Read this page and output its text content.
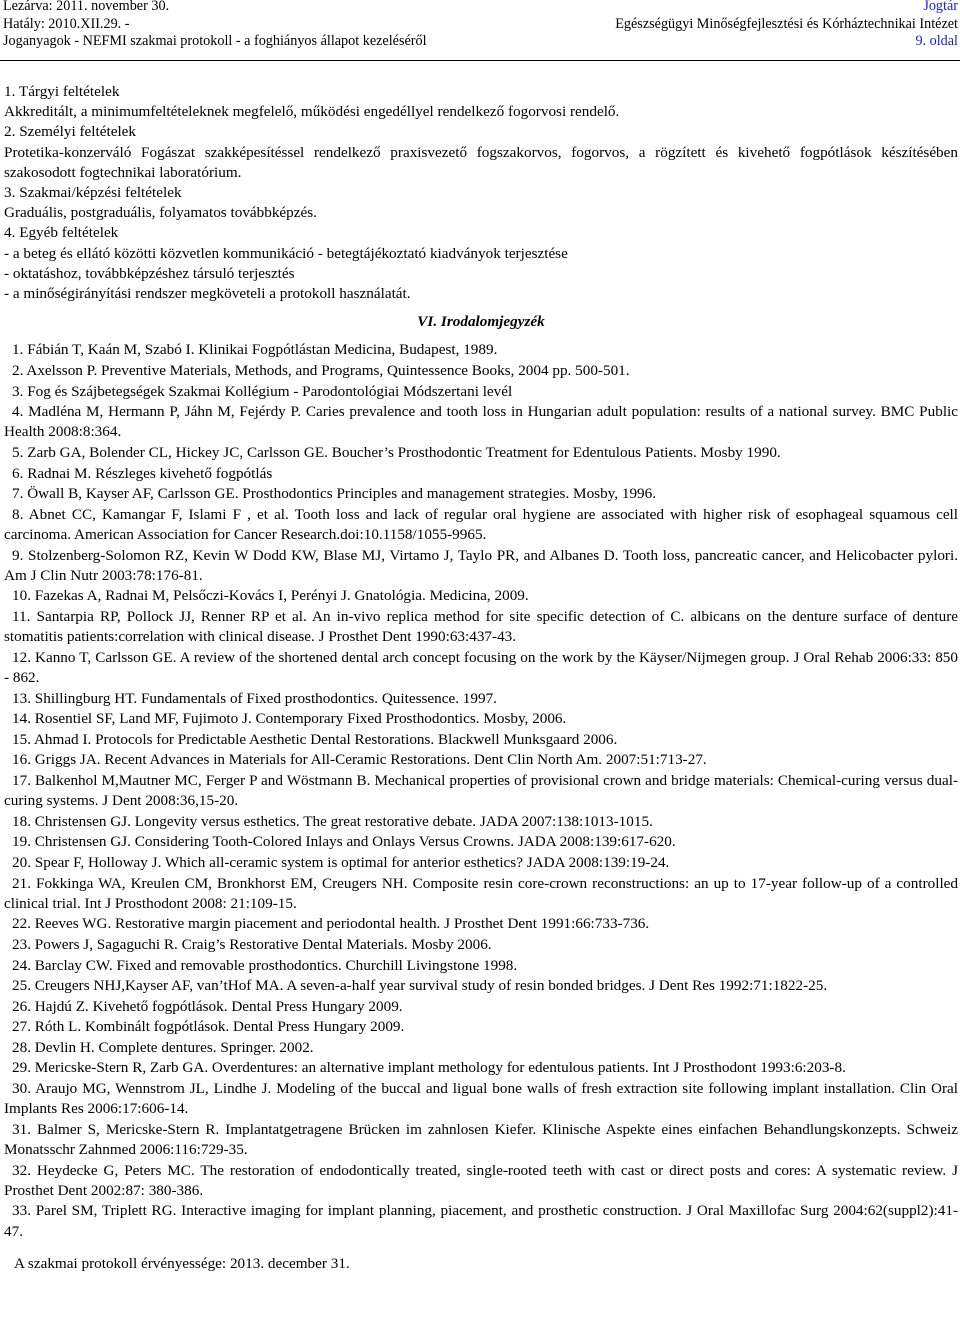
Lezárva: 2011. november 30.
Hatály: 2010.XII.29. -
Joganyagok - NEFMI szakmai protokoll - a foghiányos állapot kezeléséről
Jogtár
Egészségügyi Minőségfejlesztési és Kórháztechnikai Intézet
9. oldal

1. Tárgyi feltételek

Akkreditált, a minimumfeltételeknek megfelelő, működési engedéllyel rendelkező fogorvosi rendelő.

2. Személyi feltételek

Protetika-konzerváló Fogászat szakképesítéssel rendelkező praxisvezető fogszakorvos, fogorvos, a rögzített és kivehető fogpótlások készítésében szakosodott fogtechnikai laboratórium.

3. Szakmai/képzési feltételek

Graduális, postgraduális, folyamatos továbbképzés.

4. Egyéb feltételek

- a beteg és ellátó közötti közvetlen kommunikáció - betegtájékoztató kiadványok terjesztése

- oktatáshoz, továbbképzéshez társuló terjesztés

- a minőségirányítási rendszer megköveteli a protokoll használatát.

VI. Irodalomjegyzék

1. Fábián T, Kaán M, Szabó I. Klinikai Fogpótlástan Medicina, Budapest, 1989.

2. Axelsson P. Preventive Materials, Methods, and Programs, Quintessence Books, 2004 pp. 500-501.

3. Fog és Szájbetegségek Szakmai Kollégium - Parodontológiai Módszertani levél

4. Madléna M, Hermann P, Jáhn M, Fejérdy P. Caries prevalence and tooth loss in Hungarian adult population: results of a national survey. BMC Public Health 2008:8:364.

5. Zarb GA, Bolender CL, Hickey JC, Carlsson GE. Boucher’s Prosthodontic Treatment for Edentulous Patients. Mosby 1990.

6. Radnai M. Részleges kivehető fogpótlás

7. Öwall B, Kayser AF, Carlsson GE. Prosthodontics Principles and management strategies. Mosby, 1996.

8. Abnet CC, Kamangar F, Islami F , et al. Tooth loss and lack of regular oral hygiene are associated with higher risk of esophageal squamous cell carcinoma. American Association for Cancer Research.doi:10.1158/1055-9965.

9. Stolzenberg-Solomon RZ, Kevin W Dodd KW, Blase MJ, Virtamo J, Taylo PR, and Albanes D. Tooth loss, pancreatic cancer, and Helicobacter pylori. Am J Clin Nutr 2003:78:176-81.

10. Fazekas A, Radnai M, Pelsőczi-Kovács I, Perényi J. Gnatológia. Medicina, 2009.

11. Santarpia RP, Pollock JJ, Renner RP et al. An in-vivo replica method for site specific detection of C. albicans on the denture surface of denture stomatitis patients:correlation with clinical disease. J Prosthet Dent 1990:63:437-43.

12. Kanno T, Carlsson GE. A review of the shortened dental arch concept focusing on the work by the Käyser/Nijmegen group. J Oral Rehab 2006:33: 850 - 862.

13. Shillingburg HT. Fundamentals of Fixed prosthodontics. Quitessence. 1997.

14. Rosentiel SF, Land MF, Fujimoto J. Contemporary Fixed Prosthodontics. Mosby, 2006.

15. Ahmad I. Protocols for Predictable Aesthetic Dental Restorations. Blackwell Munksgaard 2006.

16. Griggs JA. Recent Advances in Materials for All-Ceramic Restorations. Dent Clin North Am. 2007:51:713-27.

17. Balkenhol M,Mautner MC, Ferger P and Wöstmann B. Mechanical properties of provisional crown and bridge materials: Chemical-curing versus dual-curing systems. J Dent 2008:36,15-20.

18. Christensen GJ. Longevity versus esthetics. The great restorative debate. JADA 2007:138:1013-1015.

19. Christensen GJ. Considering Tooth-Colored Inlays and Onlays Versus Crowns. JADA 2008:139:617-620.

20. Spear F, Holloway J. Which all-ceramic system is optimal for anterior esthetics? JADA 2008:139:19-24.

21. Fokkinga WA, Kreulen CM, Bronkhorst EM, Creugers NH. Composite resin core-crown reconstructions: an up to 17-year follow-up of a controlled clinical trial. Int J Prosthodont 2008: 21:109-15.

22. Reeves WG. Restorative margin piacement and periodontal health. J Prosthet Dent 1991:66:733-736.

23. Powers J, Sagaguchi R. Craig’s Restorative Dental Materials. Mosby 2006.

24. Barclay CW. Fixed and removable prosthodontics. Churchill Livingstone 1998.

25. Creugers NHJ,Kayser AF, van’tHof MA. A seven-a-half year survival study of resin bonded bridges. J Dent Res 1992:71:1822-25.

26. Hajdú Z. Kivehető fogpótlások. Dental Press Hungary 2009.

27. Róth L. Kombinált fogpótlások. Dental Press Hungary 2009.

28. Devlin H. Complete dentures. Springer. 2002.

29. Mericske-Stern R, Zarb GA. Overdentures: an alternative implant methology for edentulous patients. Int J Prosthodont 1993:6:203-8.

30. Araujo MG, Wennstrom JL, Lindhe J. Modeling of the buccal and ligual bone walls of fresh extraction site following implant installation. Clin Oral Implants Res 2006:17:606-14.

31. Balmer S, Mericske-Stern R. Implantatgetragene Brücken im zahnlosen Kiefer. Klinische Aspekte eines einfachen Behandlungskonzepts. Schweiz Monatsschr Zahnmed 2006:116:729-35.

32. Heydecke G, Peters MC. The restoration of endodontically treated, single-rooted teeth with cast or direct posts and cores: A systematic review. J Prosthet Dent 2002:87: 380-386.

33. Parel SM, Triplett RG. Interactive imaging for implant planning, piacement, and prosthetic construction. J Oral Maxillofac Surg 2004:62(suppl2):41-47.

A szakmai protokoll érvényessége: 2013. december 31.
